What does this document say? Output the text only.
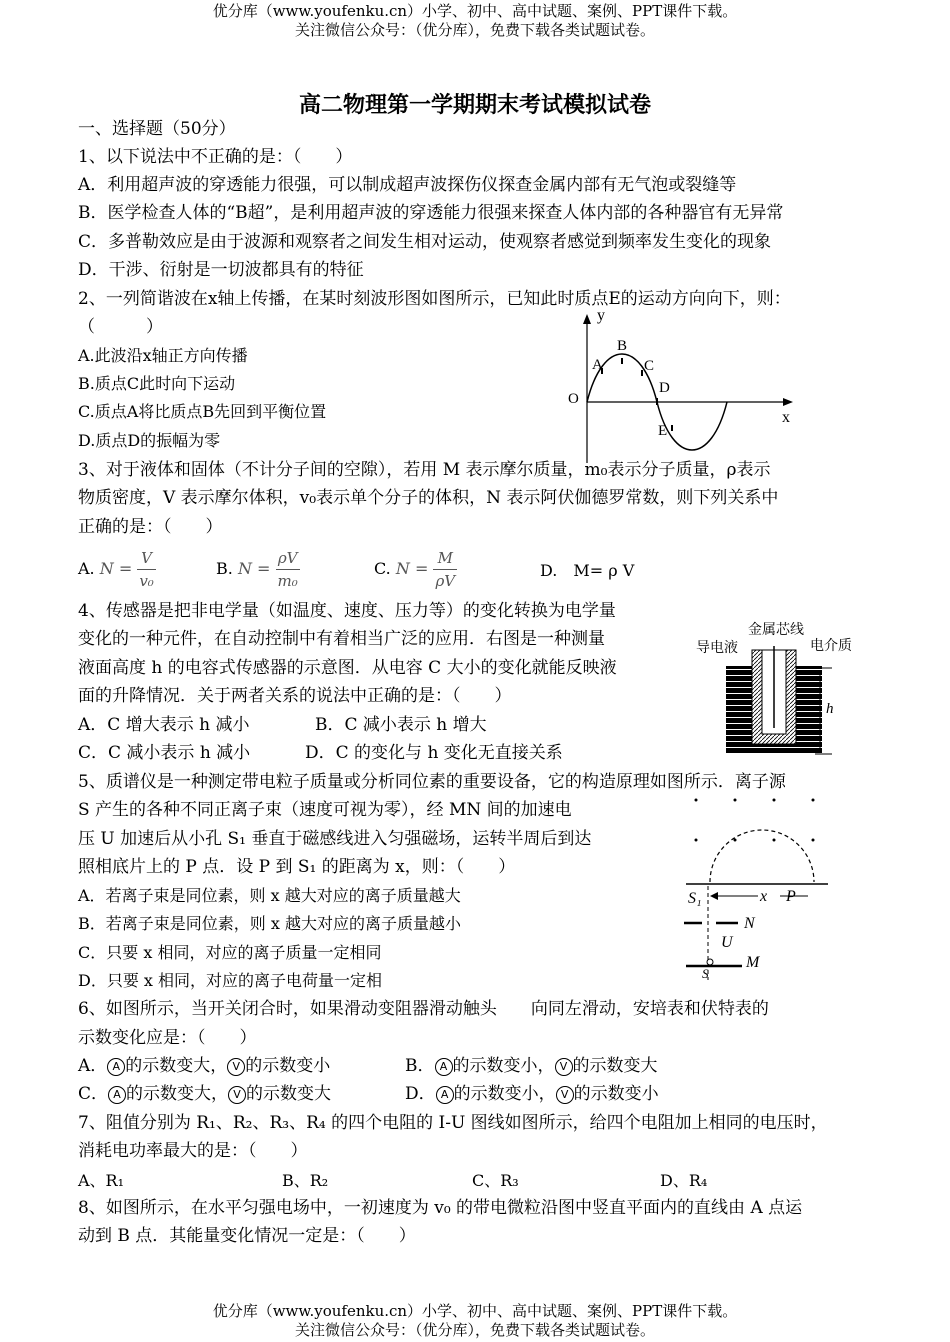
优分库（www.youfenku.cn）小学、初中、高中试题、案例、PPT课件下载。
关注微信公众号：（优分库），免费下载各类试题试卷。
高二物理第一学期期末考试模拟试卷
一、选择题（50分）
1、以下说法中不正确的是：（　　）
A．利用超声波的穿透能力很强，可以制成超声波探伤仪探查金属内部有无气泡或裂缝等
B．医学检查人体的“B超”，是利用超声波的穿透能力很强来探查人体内部的各种器官有无异常
C．多普勒效应是由于波源和观察者之间发生相对运动，使观察者感觉到频率发生变化的现象
D．干涉、衍射是一切波都具有的特征
2、一列简谐波在x轴上传播，在某时刻波形图如图所示，已知此时质点E的运动方向向下，则：
（　　　）
A.此波沿x轴正方向传播
B.质点C此时向下运动
C.质点A将比质点B先回到平衡位置
D.质点D的振幅为零
y
x
O
A
B
C
D
E
3、对于液体和固体（不计分子间的空隙），若用 M 表示摩尔质量，m₀表示分子质量，ρ表示
物质密度，V 表示摩尔体积，v₀表示单个分子的体积，N 表示阿伏伽德罗常数，则下列关系中
正确的是：（　　）
A. $N = \frac{V}{\text{v₀}}$	B. $N = \frac{\rho V}{\text{m₀}}$	C. $N = \frac{M}{\rho V}$	D.　M= ρ V
4、传感器是把非电学量（如温度、速度、压力等）的变化转换为电学量
变化的一种元件，在自动控制中有着相当广泛的应用．右图是一种测量
液面高度 h 的电容式传感器的示意图．从电容 C 大小的变化就能反映液
面的升降情况．关于两者关系的说法中正确的是：（　　）
A．C 增大表示 h 减小	B．C 减小表示 h 增大
C．C 减小表示 h 减小	D．C 的变化与 h 变化无直接关系
h
金属芯线
导电液	电介质
5、质谱仪是一种测定带电粒子质量或分析同位素的重要设备，它的构造原理如图所示．离子源
S 产生的各种不同正离子束（速度可视为零），经 MN 间的加速电
压 U 加速后从小孔 S₁ 垂直于磁感线进入匀强磁场，运转半周后到达
照相底片上的 P 点．设 P 到 S₁ 的距离为 x，则：（　　）
A．若离子束是同位素，则 x 越大对应的离子质量越大
B．若离子束是同位素，则 x 越大对应的离子质量越小
C．只要 x 相同，对应的离子质量一定相同
D．只要 x 相同，对应的离子电荷量一定相
S₁	x P
N
U
M
S
6、如图所示，当开关闭合时，如果滑动变阻器滑动触头　　向同左滑动，安培表和伏特表的
示数变化应是：（　　）
A． A 的示数变大， V 的示数变小	B． A 的示数变小， V 的示数变大
C． A 的示数变大， V 的示数变大	D． A 的示数变小， V 的示数变小
7、阻值分别为 R₁、R₂、R₃、R₄ 的四个电阻的 I-U 图线如图所示，给四个电阻加上相同的电压时，
消耗电功率最大的是：（　　）
A、R₁	B、R₂	C、R₃	D、R₄
8、如图所示，在水平匀强电场中，一初速度为 v₀ 的带电微粒沿图中竖直平面内的直线由 A 点运
动到 B 点．其能量变化情况一定是：（　　）
优分库（www.youfenku.cn）小学、初中、高中试题、案例、PPT课件下载。
关注微信公众号：（优分库），免费下载各类试题试卷。
